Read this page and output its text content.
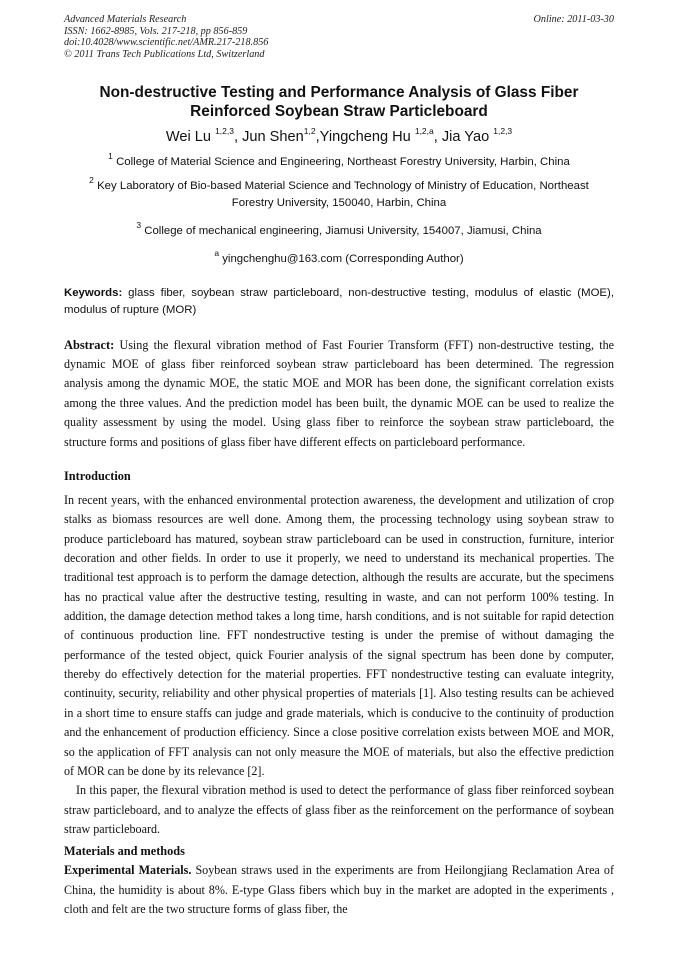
Advanced Materials Research
ISSN: 1662-8985, Vols. 217-218, pp 856-859
doi:10.4028/www.scientific.net/AMR.217-218.856
© 2011 Trans Tech Publications Ltd, Switzerland
Online: 2011-03-30
Non-destructive Testing and Performance Analysis of Glass Fiber
Reinforced Soybean Straw Particleboard
Wei Lu $^{1,2,3}$, Jun Shen$^{1,2}$,Yingcheng Hu $^{1,2,a}$, Jia Yao $^{1,2,3}$
$^1$ College of Material Science and Engineering, Northeast Forestry University, Harbin, China
$^2$ Key Laboratory of Bio-based Material Science and Technology of Ministry of Education, Northeast
Forestry University, 150040, Harbin, China
$^3$ College of mechanical engineering, Jiamusi University, 154007, Jiamusi, China
$^a$ yingchenghu@163.com (Corresponding Author)
Keywords: glass fiber, soybean straw particleboard, non-destructive testing, modulus of elastic (MOE), modulus of rupture (MOR)
Abstract: Using the flexural vibration method of Fast Fourier Transform (FFT) non-destructive testing, the dynamic MOE of glass fiber reinforced soybean straw particleboard has been determined. The regression analysis among the dynamic MOE, the static MOE and MOR has been done, the significant correlation exists among the three values. And the prediction model has been built, the dynamic MOE can be used to realize the quality assessment by using the model. Using glass fiber to reinforce the soybean straw particleboard, the structure forms and positions of glass fiber have different effects on particleboard performance.
Introduction
In recent years, with the enhanced environmental protection awareness, the development and utilization of crop stalks as biomass resources are well done. Among them, the processing technology using soybean straw to produce particleboard has matured, soybean straw particleboard can be used in construction, furniture, interior decoration and other fields. In order to use it properly, we need to understand its mechanical properties. The traditional test approach is to perform the damage detection, although the results are accurate, but the specimens has no practical value after the destructive testing, resulting in waste, and can not perform 100% testing. In addition, the damage detection method takes a long time, harsh conditions, and is not suitable for rapid detection of continuous production line. FFT nondestructive testing is under the premise of without damaging the performance of the tested object, quick Fourier analysis of the signal spectrum has been done by computer, thereby do effectively detection for the material properties. FFT nondestructive testing can evaluate integrity, continuity, security, reliability and other physical properties of materials [1]. Also testing results can be achieved in a short time to ensure staffs can judge and grade materials, which is conducive to the continuity of production and the enhancement of production efficiency. Since a close positive correlation exists between MOE and MOR, so the application of FFT analysis can not only measure the MOE of materials, but also the effective prediction of MOR can be done by its relevance [2].
In this paper, the flexural vibration method is used to detect the performance of glass fiber reinforced soybean straw particleboard, and to analyze the effects of glass fiber as the reinforcement on the performance of soybean straw particleboard.
Materials and methods
Experimental Materials. Soybean straws used in the experiments are from Heilongjiang Reclamation Area of China, the humidity is about 8%. E-type Glass fibers which buy in the market are adopted in the experiments , cloth and felt are the two structure forms of glass fiber, the
